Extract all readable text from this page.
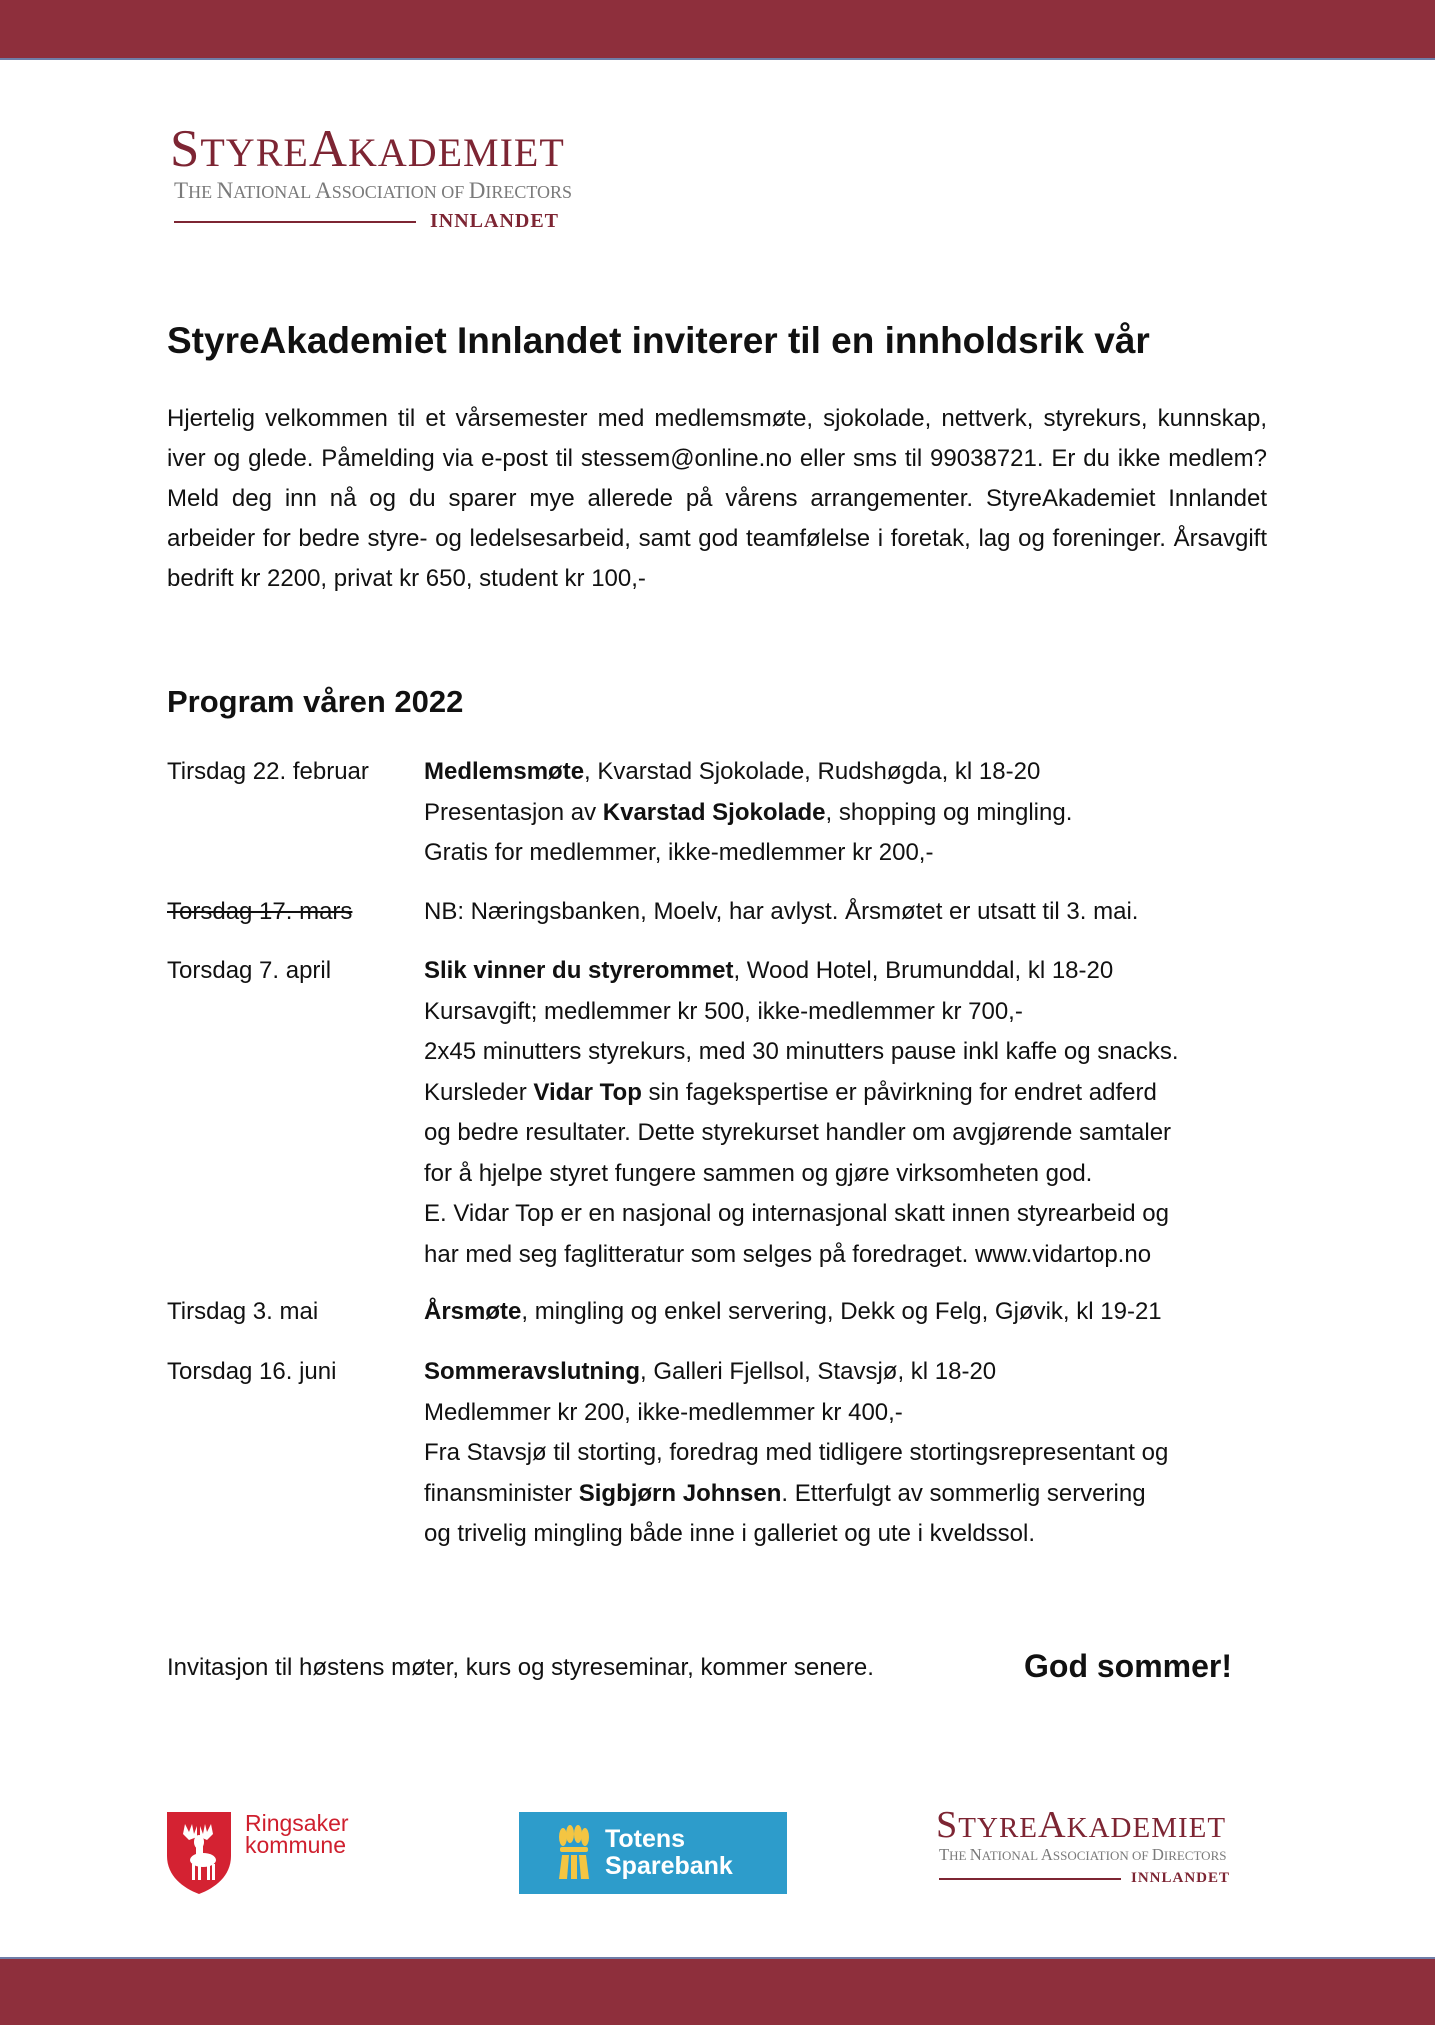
STYREAKADEMIET
THE NATIONAL ASSOCIATION OF DIRECTORS
INNLANDET
StyreAkademiet Innlandet inviterer til en innholdsrik vår

Hjertelig velkommen til et vårsemester med medlemsmøte, sjokolade, nettverk, styrekurs, kunnskap, iver og glede. Påmelding via e-post til stessem@online.no eller sms til 99038721. Er du ikke medlem? Meld deg inn nå og du sparer mye allerede på vårens arrangementer. StyreAkademiet Innlandet arbeider for bedre styre- og ledelsesarbeid, samt god teamfølelse i foretak, lag og foreninger. Årsavgift bedrift kr 2200, privat kr 650, student kr 100,-

Program våren 2022
Tirsdag 22. februar Medlemsmøte, Kvarstad Sjokolade, Rudshøgda, kl 18-20
Presentasjon av Kvarstad Sjokolade, shopping og mingling.
Gratis for medlemmer, ikke-medlemmer kr 200,-
Torsdag 17. mars	NB: Næringsbanken, Moelv, har avlyst. Årsmøtet er utsatt til 3. mai.
Torsdag 7. april	Slik vinner du styrerommet, Wood Hotel, Brumunddal, kl 18-20
Kursavgift; medlemmer kr 500, ikke-medlemmer kr 700,-
2x45 minutters styrekurs, med 30 minutters pause inkl kaffe og snacks.
Kursleder Vidar Top sin fagekspertise er påvirkning for endret adferd
og bedre resultater. Dette styrekurset handler om avgjørende samtaler
for å hjelpe styret fungere sammen og gjøre virksomheten god.
E. Vidar Top er en nasjonal og internasjonal skatt innen styrearbeid og
har med seg faglitteratur som selges på foredraget. www.vidartop.no
Tirsdag 3. mai	Årsmøte, mingling og enkel servering, Dekk og Felg, Gjøvik, kl 19-21
Torsdag 16. juni	Sommeravslutning, Galleri Fjellsol, Stavsjø, kl 18-20
Medlemmer kr 200, ikke-medlemmer kr 400,-
Fra Stavsjø til storting, foredrag med tidligere stortingsrepresentant og
finansminister Sigbjørn Johnsen. Etterfulgt av sommerlig servering
og trivelig mingling både inne i galleriet og ute i kveldssol.
Invitasjon til høstens møter, kurs og styreseminar, kommer senere.	God sommer!
Ringsaker
kommune	Totens
Sparebank
STYREAKADEMIET
THE NATIONAL ASSOCIATION OF DIRECTORS
INNLANDET
